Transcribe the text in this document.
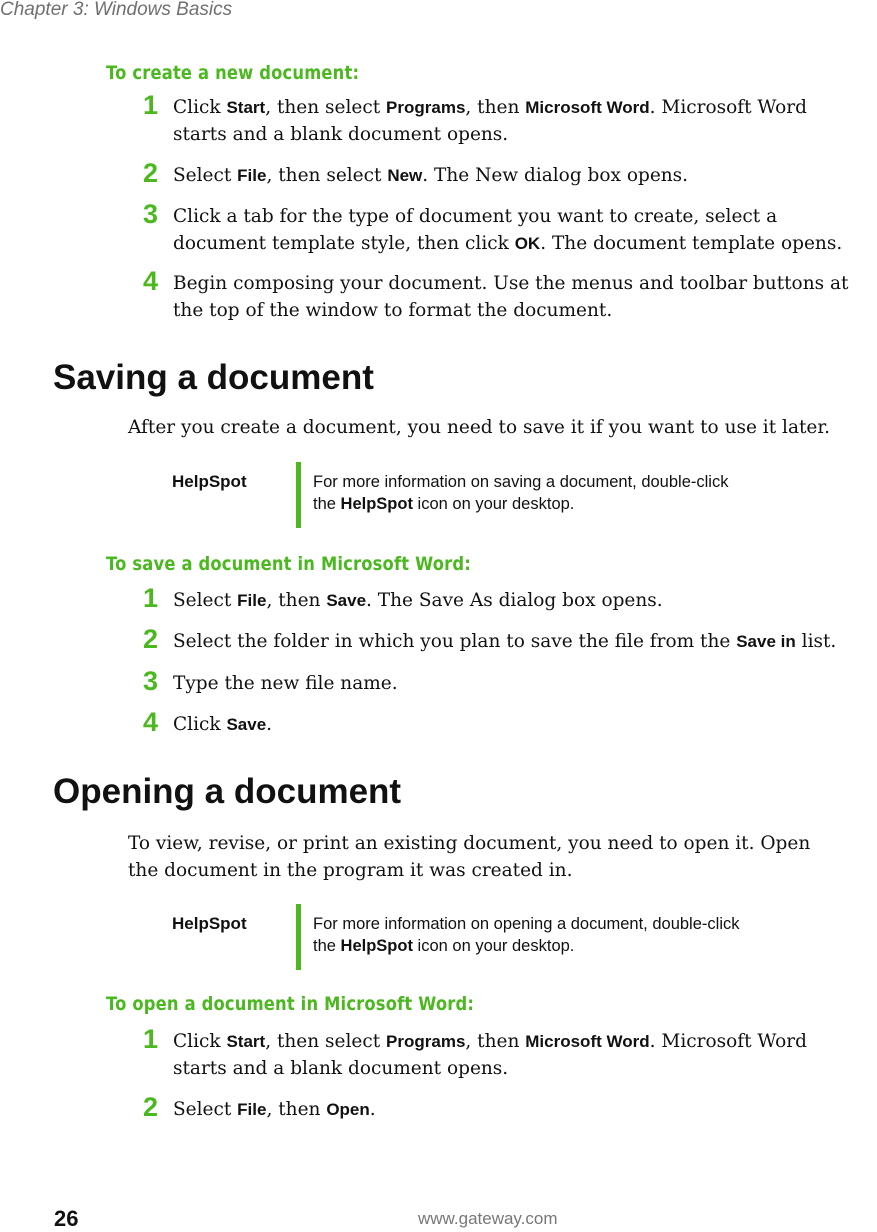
Chapter 3: Windows Basics
To create a new document:
1 Click Start, then select Programs, then Microsoft Word. Microsoft Word
starts and a blank document opens.
2 Select File, then select New. The New dialog box opens.
3 Click a tab for the type of document you want to create, select a
document template style, then click OK. The document template opens.
4 Begin composing your document. Use the menus and toolbar buttons at
the top of the window to format the document.
Saving a document
After you create a document, you need to save it if you want to use it later.
HelpSpot	For more information on saving a document, double-click
the HelpSpot icon on your desktop.
To save a document in Microsoft Word:
1 Select File, then Save. The Save As dialog box opens.
2 Select the folder in which you plan to save the file from the Save in list.
3 Type the new file name.
4 Click Save.
Opening a document
To view, revise, or print an existing document, you need to open it. Open
the document in the program it was created in.
HelpSpot	For more information on opening a document, double-click
the HelpSpot icon on your desktop.
To open a document in Microsoft Word:
1 Click Start, then select Programs, then Microsoft Word. Microsoft Word
starts and a blank document opens.
2 Select File, then Open.
26	www.gateway.com
